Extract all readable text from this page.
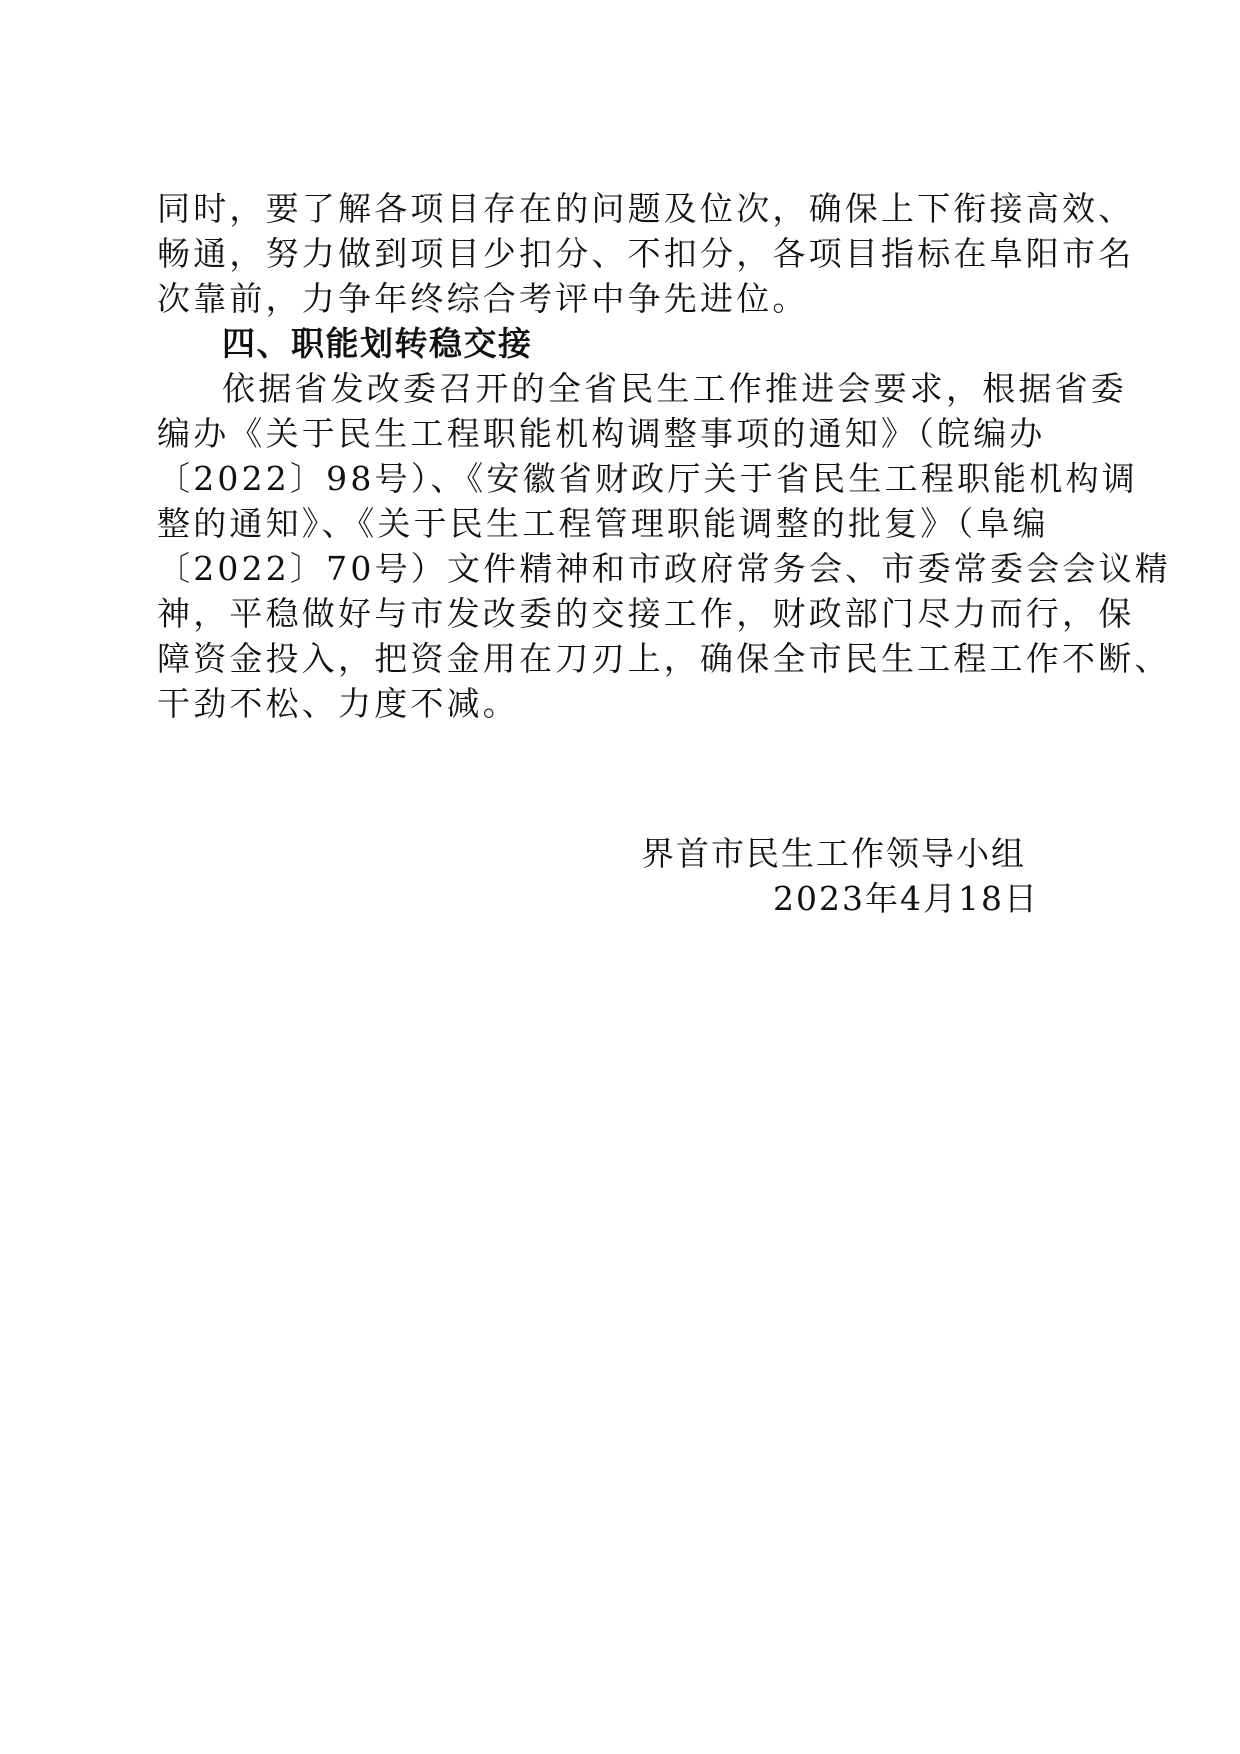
同时，要了解各项目存在的问题及位次，确保上下衔接高效、
畅通，努力做到项目少扣分、不扣分，各项目指标在阜阳市名
次靠前，力争年终综合考评中争先进位。
四、职能划转稳交接
依据省发改委召开的全省民生工作推进会要求，根据省委
编办《关于民生工程职能机构调整事项的通知》（皖编办
〔2022〕98号）、《安徽省财政厅关于省民生工程职能机构调
整的通知》、《关于民生工程管理职能调整的批复》（阜编
〔2022〕70号）文件精神和市政府常务会、市委常委会会议精
神，平稳做好与市发改委的交接工作，财政部门尽力而行，保
障资金投入，把资金用在刀刃上，确保全市民生工程工作不断、
干劲不松、力度不减。
界首市民生工作领导小组
2023年4月18日
